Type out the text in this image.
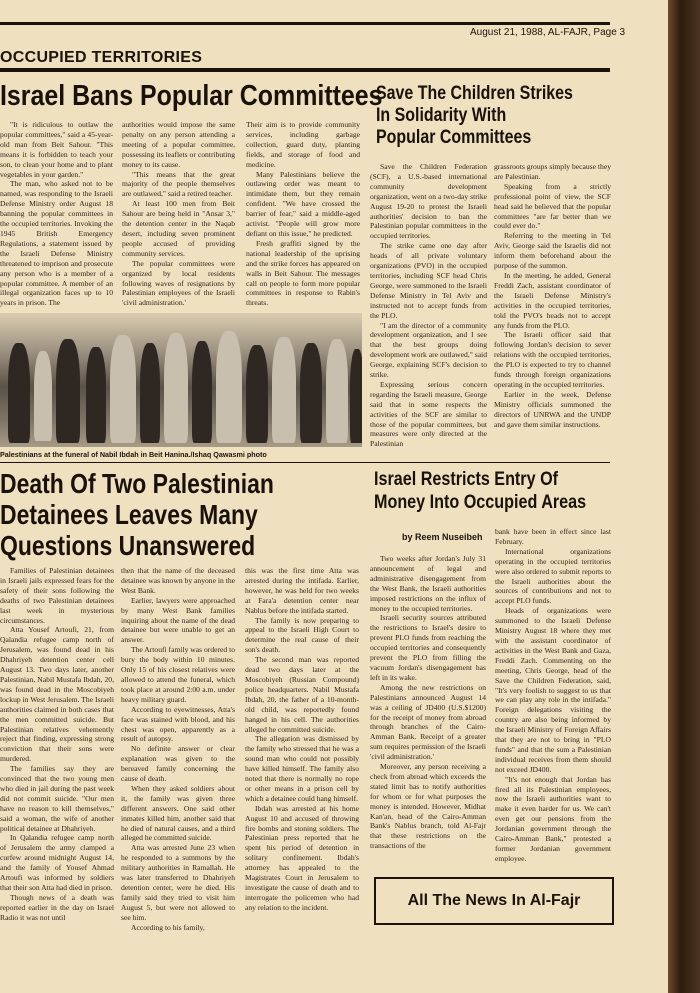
August 21, 1988, AL-FAJR, Page 3
OCCUPIED TERRITORIES
Israel Bans Popular Committees

"It is ridiculous to outlaw the popular committees," said a 45-year-old man from Beit Sahour. "This means it is forbidden to teach your son, to clean your home and to plant vegetables in your garden."

The man, who asked not to be named, was responding to the Israeli Defense Ministry order August 18 banning the popular committees in the occupied territories. Invoking the 1945 British Emergency Regulations, a statement issued by the Israeli Defense Ministry threatened to imprison and prosecute any person who is a member of a popular committee. A member of an illegal organization faces up to 10 years in prison. The

authorities would impose the same penalty on any person attending a meeting of a popular committee, possessing its leaflets or contributing money to its cause.

"This means that the great majority of the people themselves are outlawed," said a retired teacher.

At least 100 men from Beit Sahour are being held in "Ansar 3," the detention center in the Naqab desert, including seven prominent people accused of providing community services.

The popular committees were organized by local residents following waves of resignations by Palestinian employees of the Israeli 'civil administration.'

Their aim is to provide community services, including garbage collection, guard duty, planting fields, and storage of food and medicine.

Many Palestinians believe the outlawing order was meant to intimidate them, but they remain confident. "We have crossed the barrier of fear," said a middle-aged activist. "People will grow more defiant on this issue," he predicted.

Fresh graffiti signed by the national leadership of the uprising and the strike forces has appeared on walls in Beit Sahour. The messages call on people to form more popular committees in response to Rabin's threats.

Palestinians at the funeral of Nabil Ibdah in Beit Hanina./Ishaq Qawasmi photo
Save The Children Strikes
In Solidarity With
Popular Committees

Save the Children Federation (SCF), a U.S.-based international community development organization, went on a two-day strike August 19-20 to protest the Israeli authorities' decision to ban the Palestinian popular committees in the occupied territories.

The strike came one day after heads of all private voluntary organizations (PVO) in the occupied territories, including SCF head Chris George, were summoned to the Israeli Defense Ministry in Tel Aviv and instructed not to accept funds from the PLO.

"I am the director of a community development organization, and I see that the best groups doing development work are outlawed," said George, explaining SCF's decision to strike.

Expressing serious concern regarding the Israeli measure, George said that in some respects the activities of the SCF are similar to those of the popular committees, but measures were only directed at the Palestinian

grassroots groups simply because they are Palestinian.

Speaking from a strictly professional point of view, the SCF head said he believed that the popular committees "are far better than we could ever do."

Referring to the meeting in Tel Aviv, George said the Israelis did not inform them beforehand about the purpose of the summon.

In the meeting, he added, General Freddi Zach, assistant coordinator of the Israeli Defense Ministry's activities in the occupied territories, told the PVO's heads not to accept any funds from the PLO.

The Israeli officer said that following Jordan's decision to sever relations with the occupied territories, the PLO is expected to try to channel funds through foreign organizations operating in the occupied territories.

Earlier in the week, Defense Ministry officials summoned the directors of UNRWA and the UNDP and gave them similar instructions.

Death Of Two Palestinian
Detainees Leaves Many
Questions Unanswered

Families of Palestinian detainees in Israeli jails expressed fears for the safety of their sons following the deaths of two Palestinian detainees last week in mysterious circumstances.

Atta Yousef Artoufi, 21, from Qalandia refugee camp north of Jerusalem, was found dead in his Dhahriyeh detention center cell August 13. Two days later, another Palestinian, Nabil Mustafa Ibdah, 20, was found dead in the Moscobiyeh lockup in West Jerusalem. The Israeli authorities claimed in both cases that the men committed suicide. But Palestinian relatives vehemently reject that finding, expressing strong conviction that their sons were murdered.

The families say they are convinced that the two young men who died in jail during the past week did not commit suicide. "Our men have no reason to kill themselves," said a woman, the wife of another political detainee at Dhahriyeh.

In Qalandia refugee camp north of Jerusalem the army clamped a curfew around midnight August 14, and the family of Yousef Ahmad Artoufi was informed by soldiers that their son Atta had died in prison.

Though news of a death was reported earlier in the day on Israel Radio it was not until

then that the name of the deceased detainee was known by anyone in the West Bank.

Earlier, lawyers were approached by many West Bank families inquiring about the name of the dead detainee but were unable to get an answer.

The Artoufi family was ordered to bury the body within 10 minutes. Only 15 of his closest relatives were allowed to attend the funeral, which took place at around 2:00 a.m. under heavy military guard.

According to eyewitnesses, Atta's face was stained with blood, and his chest was open, apparently as a result of autopsy.

No definite answer or clear explanation was given to the bereaved family concerning the cause of death.

When they asked soldiers about it, the family was given three different answers. One said other inmates killed him, another said that he died of natural causes, and a third alleged he committed suicide.

Atta was arrested June 23 when he responded to a summons by the military authorities in Ramallah. He was later transferred to Dhahriyeh detention center, were he died. His family said they tried to visit him August 5, but were not allowed to see him.

According to his family,

this was the first time Atta was arrested during the intifada. Earlier, however, he was held for two weeks at Fara'a detention center near Nablus before the intifada started.

The family is now preparing to appeal to the Israeli High Court to determine the real cause of their son's death.

The second man was reported dead two days later at the Moscobiyeh (Russian Compound) police headquarters. Nabil Mustafa Ibdah, 20, the father of a 10-month-old child, was reportedly found hanged in his cell. The authorities alleged he committed suicide.

The allegation was dismissed by the family who stressed that he was a sound man who could not possibly have killed himself. The family also noted that there is normally no rope or other means in a prison cell by which a detainee could hang himself.

Ibdah was arrested at his home August 10 and accused of throwing fire bombs and stoning soldiers. The Palestinian press reported that he spent his period of detention in solitary confinement. Ibdah's attorney has appealed to the Magistrates Court in Jerusalem to investigate the cause of death and to interrogate the policemen who had any relation to the incident.

Israel Restricts Entry Of
Money Into Occupied Areas
by Reem Nuseibeh

Two weeks after Jordan's July 31 announcement of legal and administrative disengagement from the West Bank, the Israeli authorities imposed restrictions on the influx of money to the occupied territories.

Israeli security sources attributed the restrictions to Israel's desire to prevent PLO funds from reaching the occupied territories and consequently prevent the PLO from filling the vacuum Jordan's disengagement has left in its wake.

Among the new restrictions on Palestinians announced August 14 was a ceiling of JD400 (U.S.$1200) for the receipt of money from abroad through branches of the Cairo-Amman Bank. Receipt of a greater sum requires permission of the Israeli 'civil administration.'

Moreover, any person receiving a check from abroad which exceeds the stated limit has to notify authorities for whom or for what purposes the money is intended. However, Midhat Kan'an, head of the Cairo-Amman Bank's Nablus branch, told Al-Fajr that these restrictions on the transactions of the

bank have been in effect since last February.

International organizations operating in the occupied territories were also ordered to submit reports to the Israeli authorities about the sources of contributions and not to accept PLO funds.

Heads of organizations were summoned to the Israeli Defense Ministry August 18 where they met with the assistant coordinator of activities in the West Bank and Gaza, Freddi Zach. Commenting on the meeting, Chris George, head of the Save the Children Federation, said, "It's very foolish to suggest to us that we can play any role in the intifada." Foreign delegations visiting the country are also being informed by the Israeli Ministry of Foreign Affairs that they are not to bring in "PLO funds" and that the sum a Palestinian individual receives from them should not exceed JD400.

"It's not enough that Jordan has fired all its Palestinian employees, now the Israeli authorities want to make it even harder for us. We can't even get our pensions from the Jordanian government through the Cairo-Amman Bank," protested a former Jordanian government employee.

All The News In Al-Fajr
